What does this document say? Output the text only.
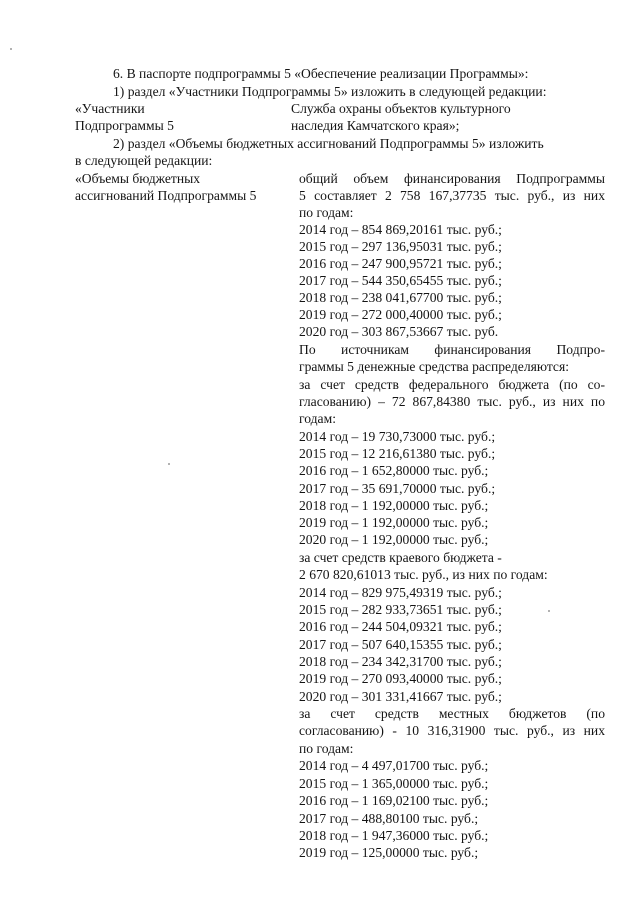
6. В паспорте подпрограммы 5 «Обеспечение реализации Программы»:
1) раздел «Участники Подпрограммы 5» изложить в следующей редакции:
«Участники
Подпрограммы 5
Служба охраны объектов культурного
наследия Камчатского края»;
2) раздел «Объемы бюджетных ассигнований Подпрограммы 5» изложить
в следующей редакции:
«Объемы бюджетных
ассигнований Подпрограммы 5
общий объем финансирования Подпрограммы
5 составляет 2 758 167,37735 тыс. руб., из них
по годам:
2014 год – 854 869,20161 тыс. руб.;
2015 год – 297 136,95031 тыс. руб.;
2016 год – 247 900,95721 тыс. руб.;
2017 год – 544 350,65455 тыс. руб.;
2018 год – 238 041,67700 тыс. руб.;
2019 год – 272 000,40000 тыс. руб.;
2020 год – 303 867,53667 тыс. руб.
По источникам финансирования Подпро-
граммы 5 денежные средства распределяются:
за счет средств федерального бюджета (по со-
гласованию) – 72 867,84380 тыс. руб., из них по
годам:
2014 год – 19 730,73000 тыс. руб.;
2015 год – 12 216,61380 тыс. руб.;
2016 год – 1 652,80000 тыс. руб.;
2017 год – 35 691,70000 тыс. руб.;
2018 год – 1 192,00000 тыс. руб.;
2019 год – 1 192,00000 тыс. руб.;
2020 год – 1 192,00000 тыс. руб.;
за счет средств краевого бюджета -
2 670 820,61013 тыс. руб., из них по годам:
2014 год – 829 975,49319 тыс. руб.;
2015 год – 282 933,73651 тыс. руб.;
2016 год – 244 504,09321 тыс. руб.;
2017 год – 507 640,15355 тыс. руб.;
2018 год – 234 342,31700 тыс. руб.;
2019 год – 270 093,40000 тыс. руб.;
2020 год – 301 331,41667 тыс. руб.;
за счет средств местных бюджетов (по
согласованию) - 10 316,31900 тыс. руб., из них
по годам:
2014 год – 4 497,01700 тыс. руб.;
2015 год – 1 365,00000 тыс. руб.;
2016 год – 1 169,02100 тыс. руб.;
2017 год – 488,80100 тыс. руб.;
2018 год – 1 947,36000 тыс. руб.;
2019 год – 125,00000 тыс. руб.;
